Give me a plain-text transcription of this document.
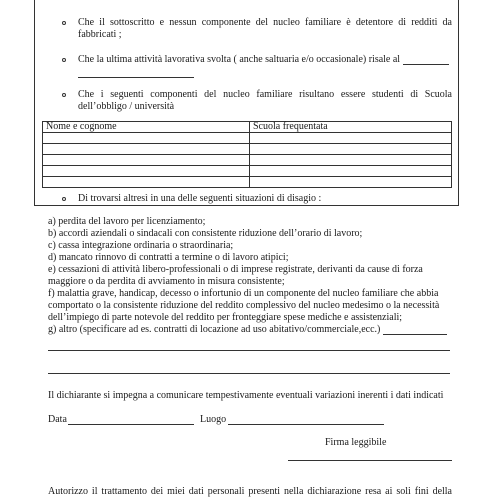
Che il sottoscritto e nessun componente del nucleo familiare è detentore di redditi da
fabbricati ;
Che la ultima attività lavorativa svolta ( anche saltuaria e/o occasionale) risale al
Che i seguenti componenti del nucleo familiare risultano essere studenti di Scuola
dell’obbligo / università
Nome e cognome	Scuola frequentata

Di trovarsi altresì in una delle seguenti situazioni di disagio :
a) perdita del lavoro per licenziamento;
b) accordi aziendali o sindacali con consistente riduzione dell’orario di lavoro;
c) cassa integrazione ordinaria o straordinaria;
d) mancato rinnovo di contratti a termine o di lavoro atipici;
e) cessazioni di attività libero-professionali o di imprese registrate, derivanti da cause di forza
maggiore o da perdita di avviamento in misura consistente;
f) malattia grave, handicap, decesso o infortunio di un componente del nucleo familiare che abbia
comportato o la consistente riduzione del reddito complessivo del nucleo medesimo o la necessità
dell’impiego di parte notevole del reddito per fronteggiare spese mediche e assistenziali;
g) altro (specificare ad es. contratti di locazione ad uso abitativo/commerciale,ecc.)
Il dichiarante si impegna a comunicare tempestivamente eventuali variazioni inerenti i dati indicati
Data	Luogo
Firma leggibile
Autorizzo il trattamento dei miei dati personali presenti nella dichiarazione resa ai soli fini della
